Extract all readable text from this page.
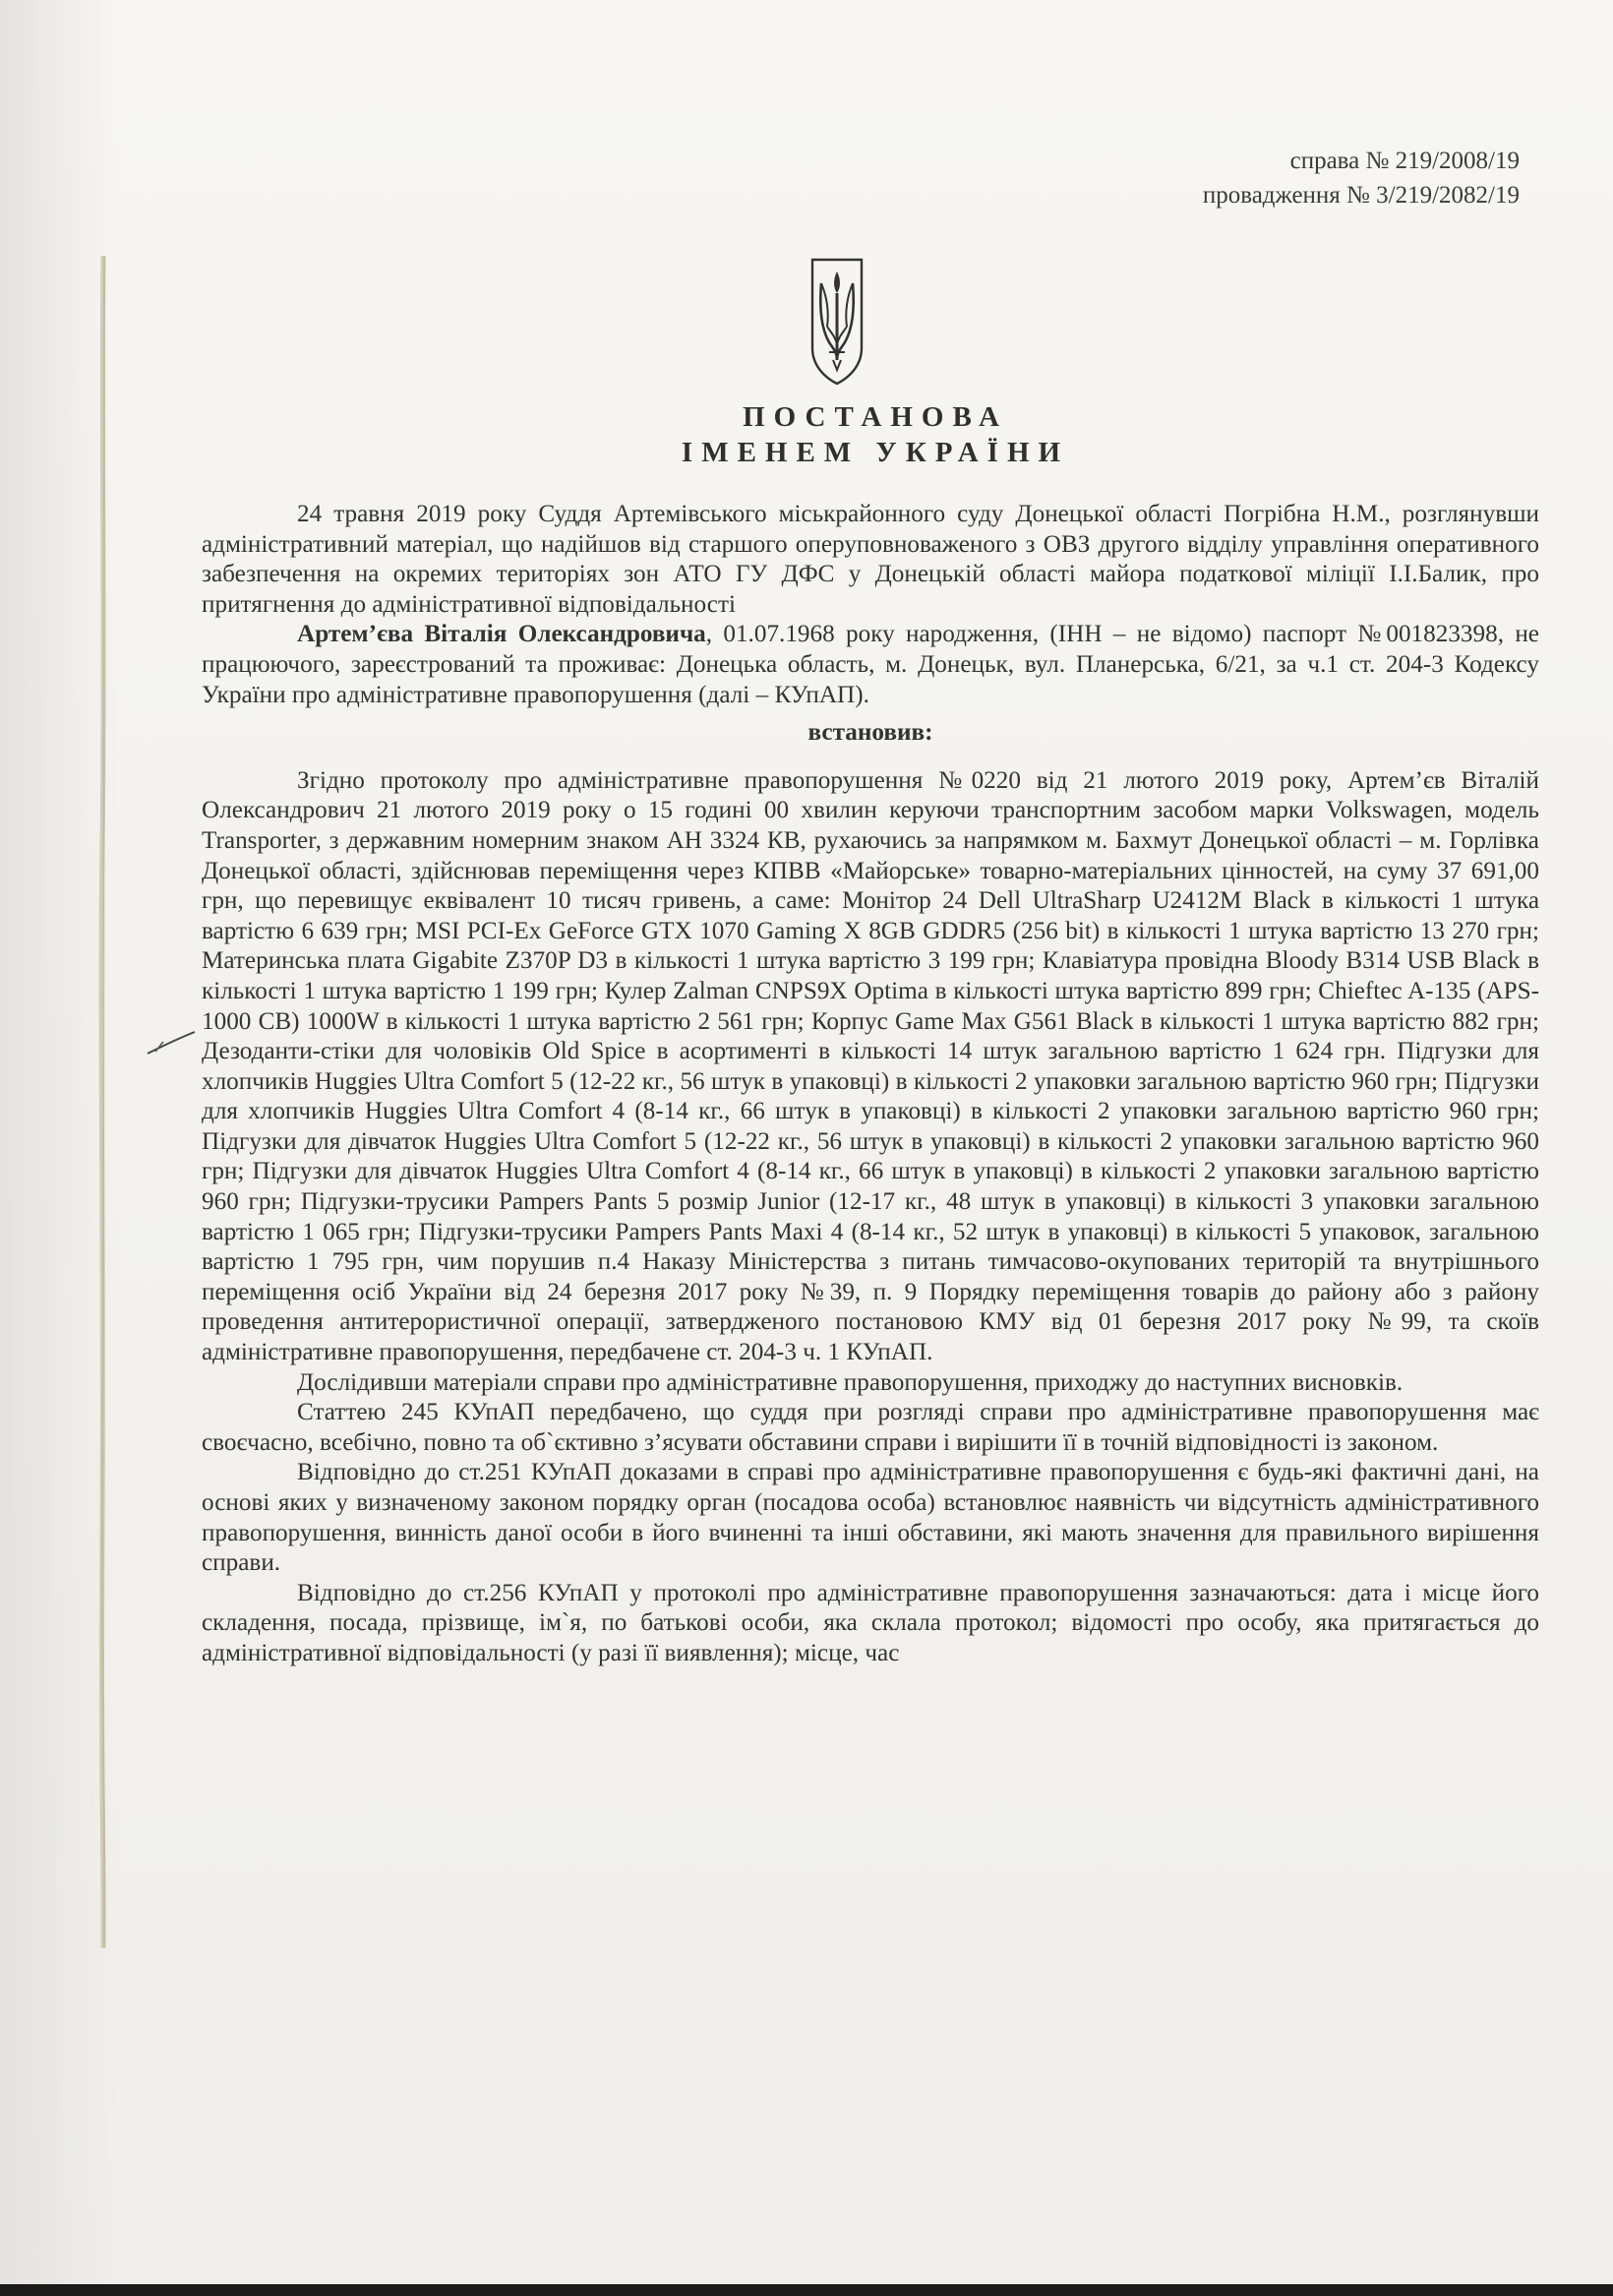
справа № 219/2008/19
провадження № 3/219/2082/19
ПОСТАНОВА
ІМЕНЕМ УКРАЇНИ

24 травня 2019 року Суддя Артемівського міськрайонного суду Донецької області Погрібна Н.М., розглянувши адміністративний матеріал, що надійшов від старшого оперуповноваженого з ОВЗ другого відділу управління оперативного забезпечення на окремих територіях зон АТО ГУ ДФС у Донецькій області майора податкової міліції І.І.Балик, про притягнення до адміністративної відповідальності

Артем’єва Віталія Олександровича, 01.07.1968 року народження, (ІНН – не відомо) паспорт №001823398, не працюючого, зареєстрований та проживає: Донецька область, м. Донецьк, вул. Планерська, 6/21, за ч.1 ст. 204-3 Кодексу України про адміністративне правопорушення (далі – КУпАП).

встановив:

Згідно протоколу про адміністративне правопорушення №0220 від 21 лютого 2019 року, Артем’єв Віталій Олександрович 21 лютого 2019 року о 15 годині 00 хвилин керуючи транспортним засобом марки Volkswagen, модель Transporter, з державним номерним знаком АН 3324 КВ, рухаючись за напрямком м. Бахмут Донецької області – м. Горлівка Донецької області, здійснював переміщення через КПВВ «Майорське» товарно-матеріальних цінностей, на суму 37 691,00 грн, що перевищує еквівалент 10 тисяч гривень, а саме: Монітор 24 Dell UltraSharp U2412M Black в кількості 1 штука вартістю 6 639 грн; MSI PCI-Ex GeForce GTX 1070 Gaming X 8GB GDDR5 (256 bit) в кількості 1 штука вартістю 13 270 грн; Материнська плата Gigabite Z370P D3 в кількості 1 штука вартістю 3 199 грн; Клавіатура провідна Bloody B314 USB Black в кількості 1 штука вартістю 1 199 грн; Кулер Zalman CNPS9X Optima в кількості штука вартістю 899 грн; Chieftec A-135 (APS-1000 CB) 1000W в кількості 1 штука вартістю 2 561 грн; Корпус Game Max G561 Black в кількості 1 штука вартістю 882 грн; Дезоданти-стіки для чоловіків Old Spice в асортименті в кількості 14 штук загальною вартістю 1 624 грн. Підгузки для хлопчиків Huggies Ultra Comfort 5 (12-22 кг., 56 штук в упаковці) в кількості 2 упаковки загальною вартістю 960 грн; Підгузки для хлопчиків Huggies Ultra Comfort 4 (8-14 кг., 66 штук в упаковці) в кількості 2 упаковки загальною вартістю 960 грн; Підгузки для дівчаток Huggies Ultra Comfort 5 (12-22 кг., 56 штук в упаковці) в кількості 2 упаковки загальною вартістю 960 грн; Підгузки для дівчаток Huggies Ultra Comfort 4 (8-14 кг., 66 штук в упаковці) в кількості 2 упаковки загальною вартістю 960 грн; Підгузки-трусики Pampers Pants 5 розмір Junior (12-17 кг., 48 штук в упаковці) в кількості 3 упаковки загальною вартістю 1 065 грн; Підгузки-трусики Pampers Pants Maxi 4 (8-14 кг., 52 штук в упаковці) в кількості 5 упаковок, загальною вартістю 1 795 грн, чим порушив п.4 Наказу Міністерства з питань тимчасово-окупованих територій та внутрішнього переміщення осіб України від 24 березня 2017 року №39, п. 9 Порядку переміщення товарів до району або з району проведення антитерористичної операції, затвердженого постановою КМУ від 01 березня 2017 року №99, та скоїв адміністративне правопорушення, передбачене ст. 204-3 ч. 1 КУпАП.

Дослідивши матеріали справи про адміністративне правопорушення, приходжу до наступних висновків.

Статтею 245 КУпАП передбачено, що суддя при розгляді справи про адміністративне правопорушення має своєчасно, всебічно, повно та об`єктивно з’ясувати обставини справи і вирішити її в точній відповідності із законом.

Відповідно до ст.251 КУпАП доказами в справі про адміністративне правопорушення є будь-які фактичні дані, на основі яких у визначеному законом порядку орган (посадова особа) встановлює наявність чи відсутність адміністративного правопорушення, винність даної особи в його вчиненні та інші обставини, які мають значення для правильного вирішення справи.

Відповідно до ст.256 КУпАП у протоколі про адміністративне правопорушення зазначаються: дата і місце його складення, посада, прізвище, ім`я, по батькові особи, яка склала протокол; відомості про особу, яка притягається до адміністративної відповідальності (у разі її виявлення); місце, час
